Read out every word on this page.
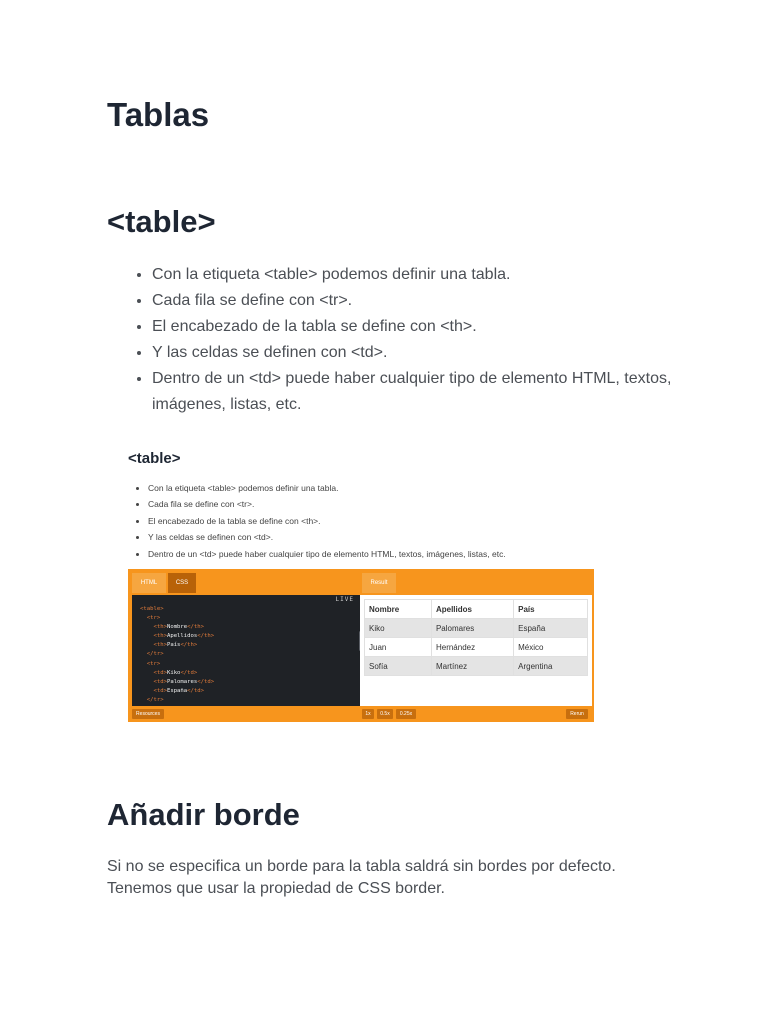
Tablas
<table>
• Con la etiqueta <table> podemos definir una tabla.
• Cada fila se define con <tr>.
• El encabezado de la tabla se define con <th>.
• Y las celdas se definen con <td>.
• Dentro de un <td> puede haber cualquier tipo de elemento HTML, textos, imágenes, listas, etc.
<table>
• Con la etiqueta <table> podemos definir una tabla.
• Cada fila se define con <tr>.
• El encabezado de la tabla se define con <th>.
• Y las celdas se definen con <td>.
• Dentro de un <td> puede haber cualquier tipo de elemento HTML, textos, imágenes, listas, etc.
HTML	CSS	Result
LIVE
<table>
<tr>
<th>Nombre</th>
<th>Apellidos</th>
<th>País</th>
</tr>
<tr>
<td>Kiko</td>
<td>Palomares</td>
<td>España</td>
</tr>
Nombre	Apellidos	País
Kiko	Palomares	España
Juan	Hernández	México
Sofía	Martínez	Argentina
Resources	1x	0.5x	0.25x	Rerun
Añadir borde

Si no se especifica un borde para la tabla saldrá sin bordes por defecto. Tenemos que usar la propiedad de CSS border.
